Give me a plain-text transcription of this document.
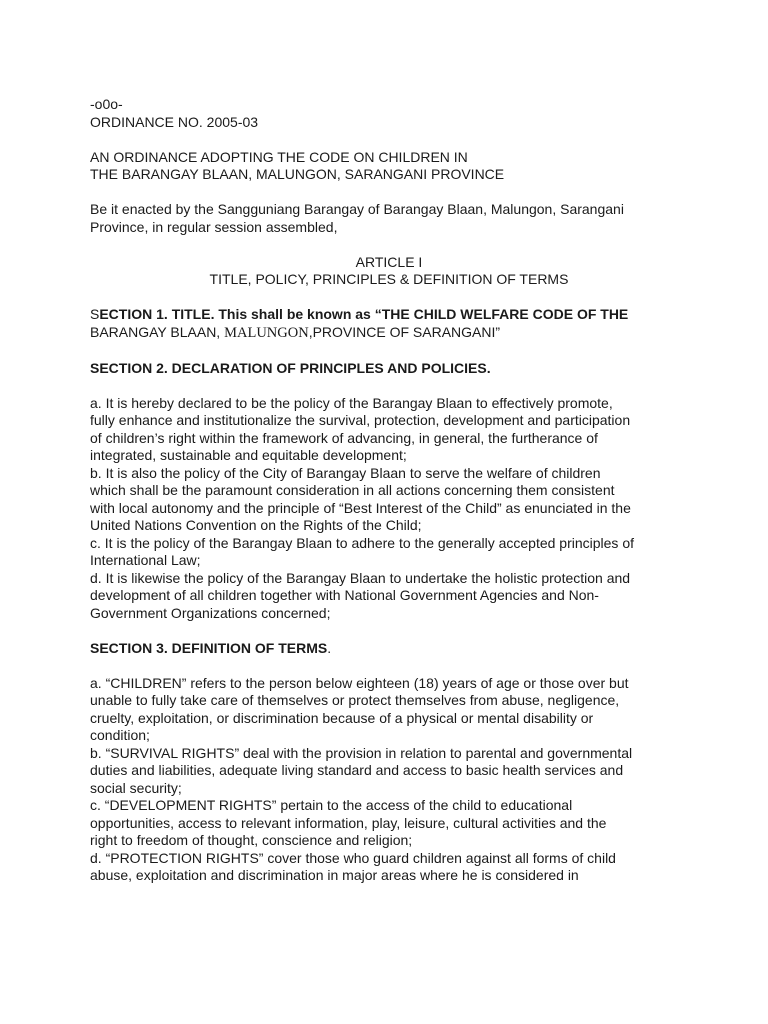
-o0o-
ORDINANCE NO. 2005-03
AN ORDINANCE ADOPTING THE CODE ON CHILDREN IN
THE BARANGAY BLAAN, MALUNGON, SARANGANI PROVINCE
Be it enacted by the Sangguniang Barangay of Barangay Blaan, Malungon, Sarangani
Province, in regular session assembled,
ARTICLE I
TITLE, POLICY, PRINCIPLES & DEFINITION OF TERMS
SECTION 1. TITLE. This shall be known as “THE CHILD WELFARE CODE OF THE
BARANGAY BLAAN, MALUNGON,PROVINCE OF SARANGANI”
SECTION 2. DECLARATION OF PRINCIPLES AND POLICIES.
a. It is hereby declared to be the policy of the Barangay Blaan to effectively promote,
fully enhance and institutionalize the survival, protection, development and participation
of children’s right within the framework of advancing, in general, the furtherance of
integrated, sustainable and equitable development;
b. It is also the policy of the City of Barangay Blaan to serve the welfare of children
which shall be the paramount consideration in all actions concerning them consistent
with local autonomy and the principle of “Best Interest of the Child” as enunciated in the
United Nations Convention on the Rights of the Child;
c. It is the policy of the Barangay Blaan to adhere to the generally accepted principles of
International Law;
d. It is likewise the policy of the Barangay Blaan to undertake the holistic protection and
development of all children together with National Government Agencies and Non-
Government Organizations concerned;
SECTION 3. DEFINITION OF TERMS.
a. “CHILDREN” refers to the person below eighteen (18) years of age or those over but
unable to fully take care of themselves or protect themselves from abuse, negligence,
cruelty, exploitation, or discrimination because of a physical or mental disability or
condition;
b. “SURVIVAL RIGHTS” deal with the provision in relation to parental and governmental
duties and liabilities, adequate living standard and access to basic health services and
social security;
c. “DEVELOPMENT RIGHTS” pertain to the access of the child to educational
opportunities, access to relevant information, play, leisure, cultural activities and the
right to freedom of thought, conscience and religion;
d. “PROTECTION RIGHTS” cover those who guard children against all forms of child
abuse, exploitation and discrimination in major areas where he is considered in
